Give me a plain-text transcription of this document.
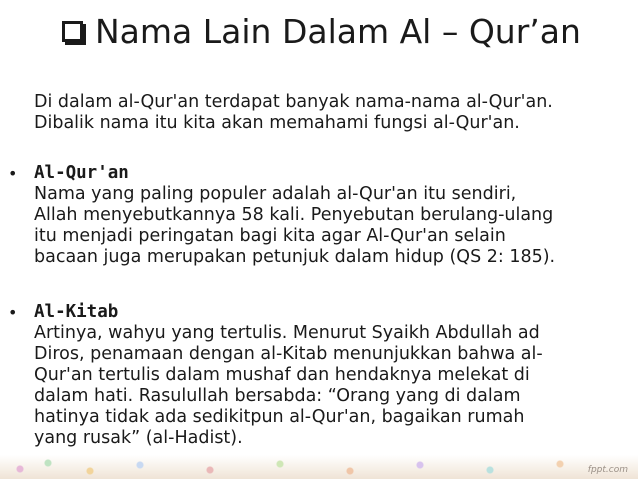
Nama Lain Dalam Al – Qur’an
Di dalam al-Qur'an terdapat banyak nama-nama al-Qur'an.
Dibalik nama itu kita akan memahami fungsi al-Qur'an.
• Al-Qur'an
Nama yang paling populer adalah al-Qur'an itu sendiri,
Allah menyebutkannya 58 kali. Penyebutan berulang-ulang
itu menjadi peringatan bagi kita agar Al-Qur'an selain
bacaan juga merupakan petunjuk dalam hidup (QS 2: 185).
• Al-Kitab
Artinya, wahyu yang tertulis. Menurut Syaikh Abdullah ad
Diros, penamaan dengan al-Kitab menunjukkan bahwa al-
Qur'an tertulis dalam mushaf dan hendaknya melekat di
dalam hati. Rasulullah bersabda: “Orang yang di dalam
hatinya tidak ada sedikitpun al-Qur'an, bagaikan rumah
yang rusak” (al-Hadist).
fppt.com
